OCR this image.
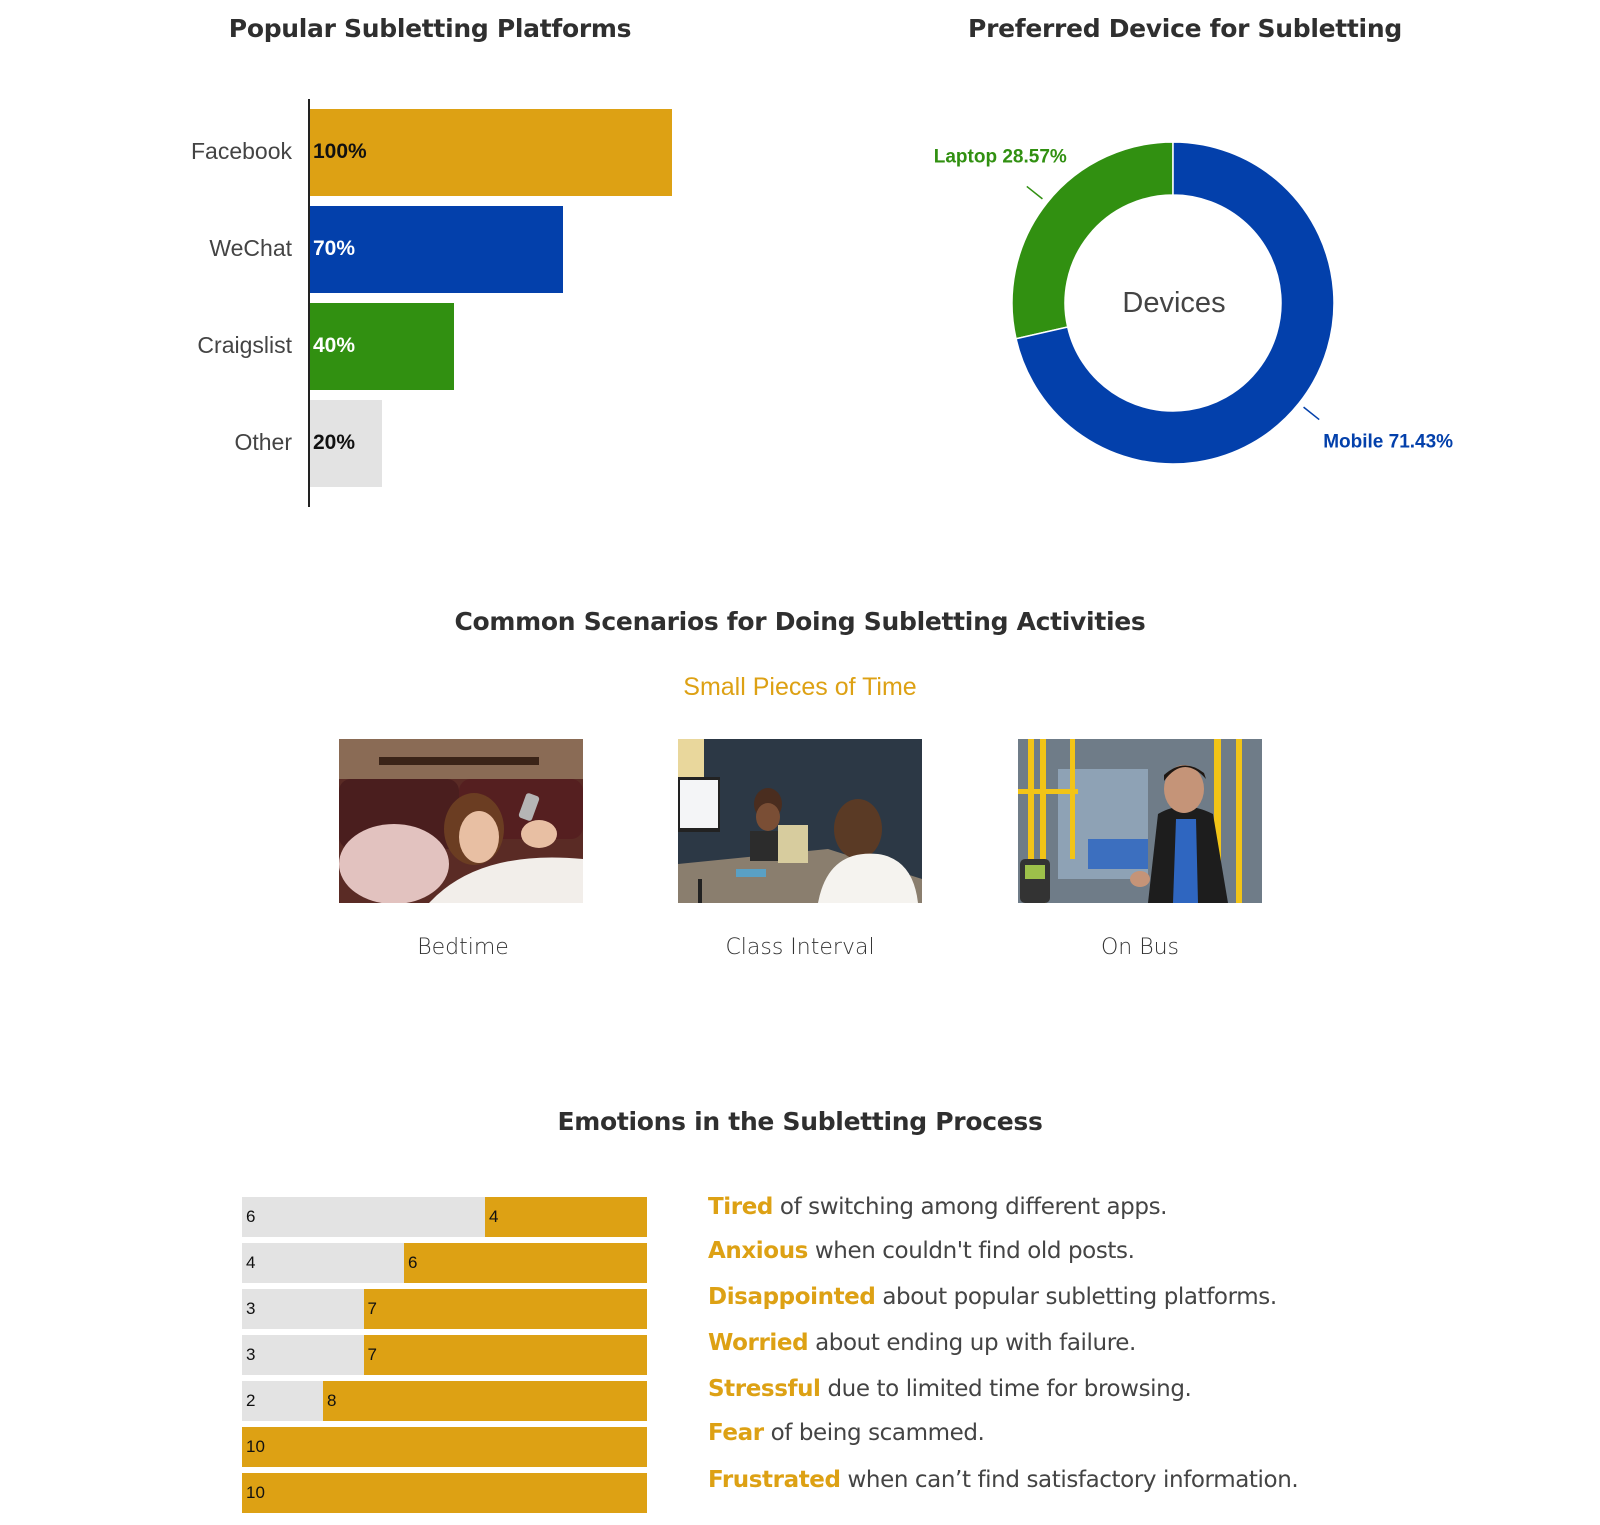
Popular Subletting Platforms
Facebook 100%
WeChat 70%
Craigslist 40%
Other 20%
Preferred Device for Subletting
Devices
Mobile 71.43%
Laptop 28.57%
Common Scenarios for Doing Subletting Activities
Small Pieces of Time
Bedtime	Class Interval	On Bus
Emotions in the Subletting Process
6	4
4	6
3	7
3	7
2	8
10
10
Tired of switching among different apps.
Anxious when couldn't find old posts.
Disappointed about popular subletting platforms.
Worried about ending up with failure.
Stressful due to limited time for browsing.
Fear of being scammed.
Frustrated when can’t find satisfactory information.
